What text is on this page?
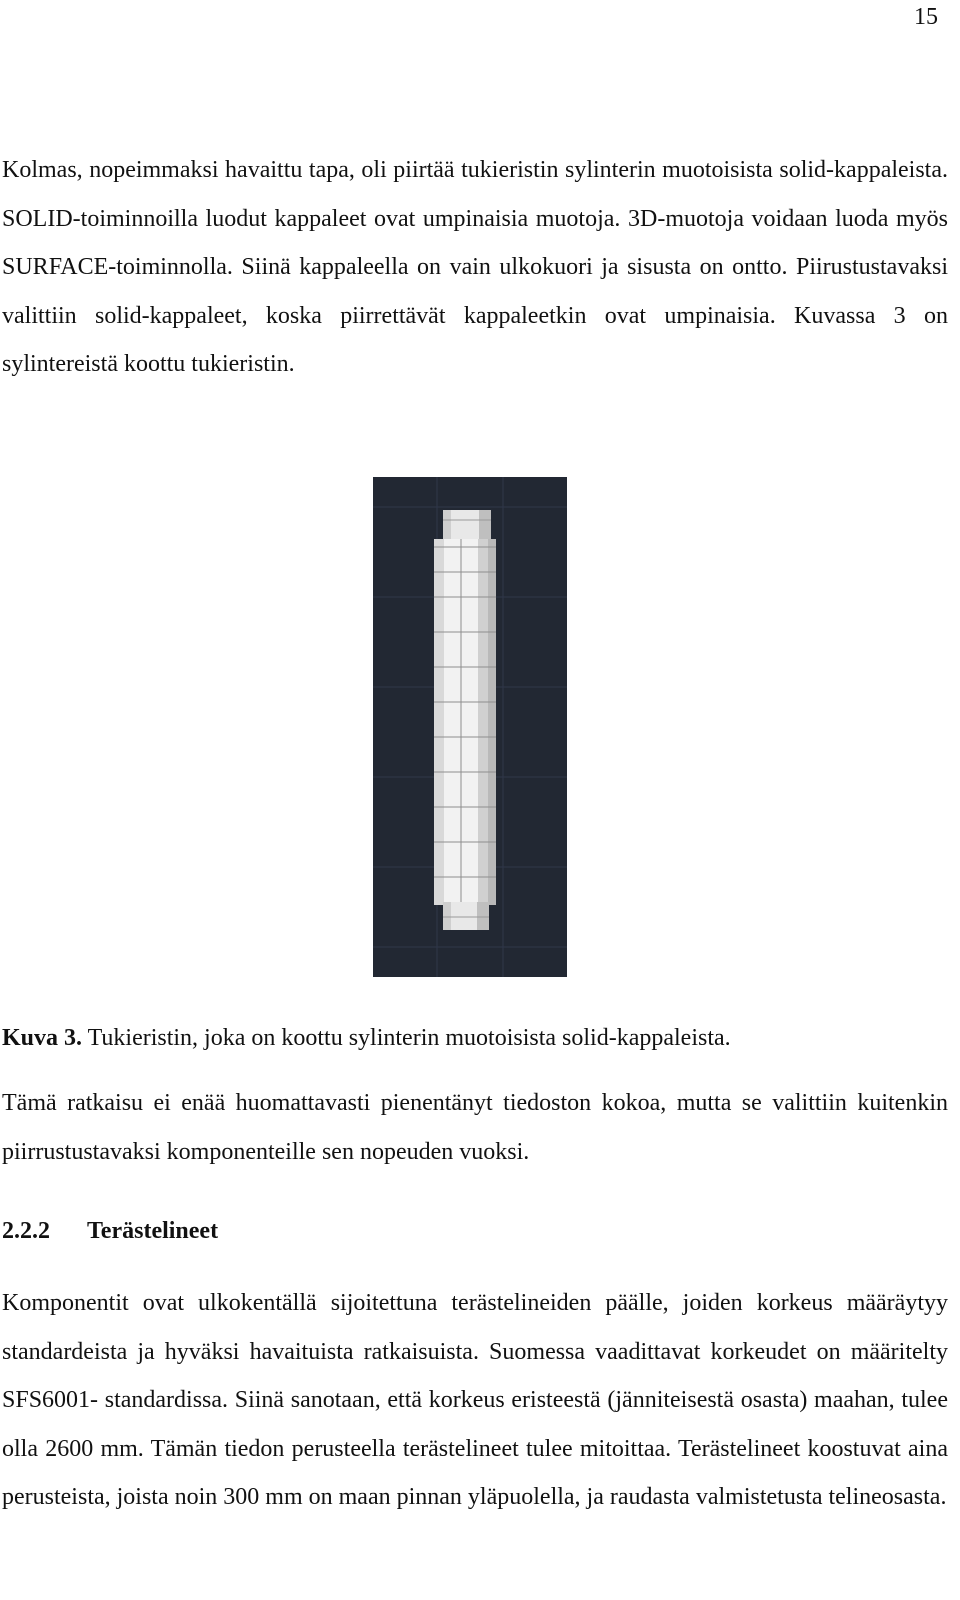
15

Kolmas, nopeimmaksi havaittu tapa, oli piirtää tukieristin sylinterin muotoisista solid-kappaleista. SOLID-toiminnoilla luodut kappaleet ovat umpinaisia muotoja. 3D-muotoja voidaan luoda myös SURFACE-toiminnolla. Siinä kappaleella on vain ulkokuori ja sisusta on ontto. Piirustustavaksi valittiin solid-kappaleet, koska piirrettävät kappaleetkin ovat umpinaisia. Kuvassa 3 on sylintereistä koottu tukieristin.

Kuva 3. Tukieristin, joka on koottu sylinterin muotoisista solid-kappaleista.

Tämä ratkaisu ei enää huomattavasti pienentänyt tiedoston kokoa, mutta se valittiin kuitenkin piirrustustavaksi komponenteille sen nopeuden vuoksi.

2.2.2 Terästelineet

Komponentit ovat ulkokentällä sijoitettuna terästelineiden päälle, joiden korkeus määräytyy standardeista ja hyväksi havaituista ratkaisuista. Suomessa vaadittavat korkeudet on määritelty SFS6001- standardissa. Siinä sanotaan, että korkeus eristeestä (jänniteisestä osasta) maahan, tulee olla 2600 mm. Tämän tiedon perusteella terästelineet tulee mitoittaa. Terästelineet koostuvat aina perusteista, joista noin 300 mm on maan pinnan yläpuolella, ja raudasta valmistetusta telineosasta.
